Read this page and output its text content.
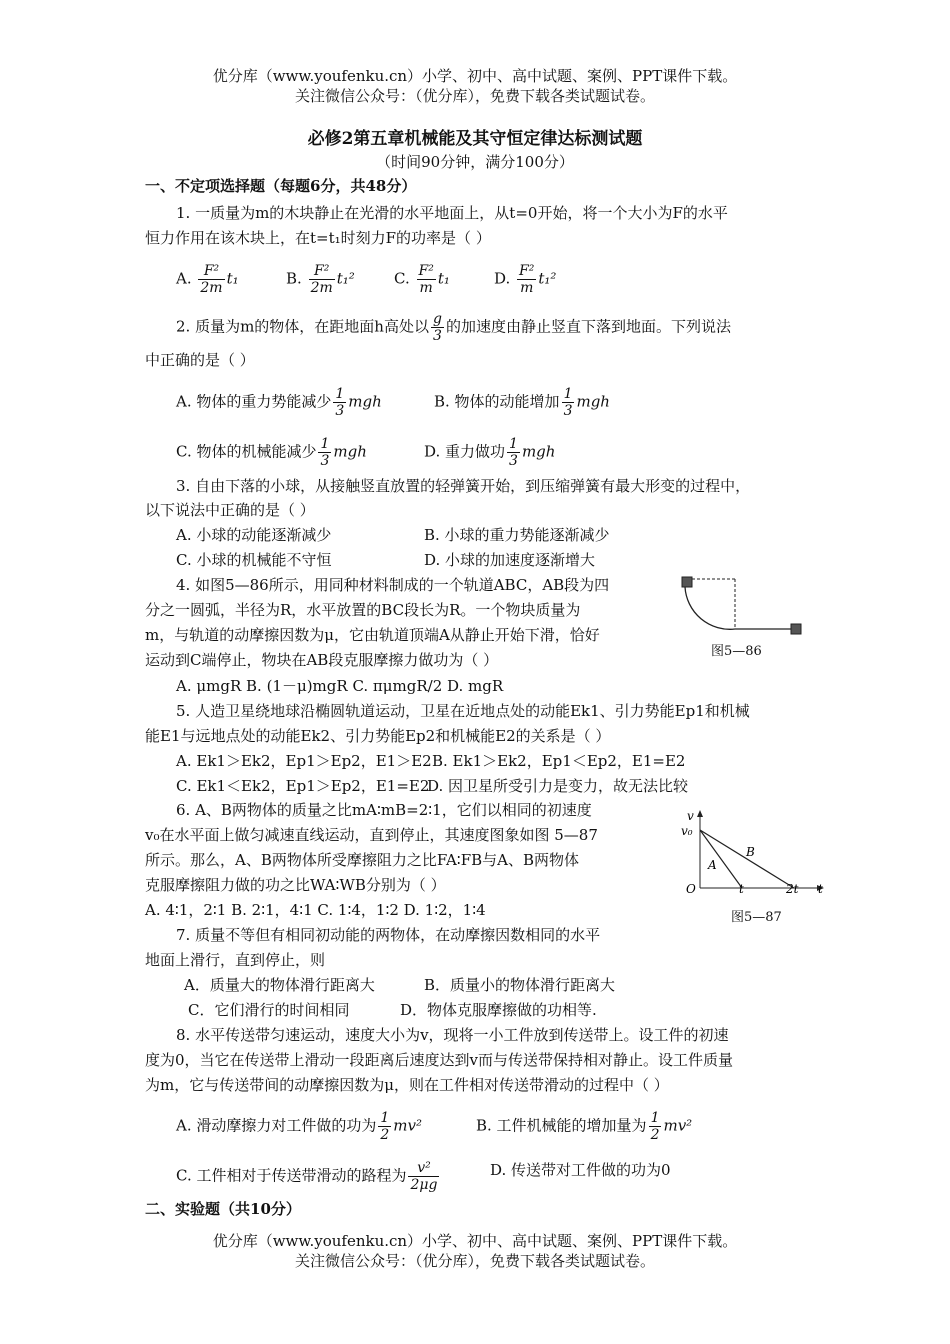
优分库（www.youfenku.cn）小学、初中、高中试题、案例、PPT课件下载。
关注微信公众号：（优分库），免费下载各类试题试卷。
必修2第五章机械能及其守恒定律达标测试题
（时间90分钟，满分100分）
一、不定项选择题（每题6分，共48分）
1. 一质量为m的木块静止在光滑的水平地面上，从t=0开始，将一个大小为F的水平
恒力作用在该木块上，在t=t₁时刻力F的功率是（ ）
A. $\frac{\text{F²}}{2m} t_1$	B. $\frac{\text{F²}}{2m} t_1^2$	C. $\frac{\text{F²}}{m} t_1$	D. $\frac{\text{F²}}{m} t_1^2$
2. 质量为m的物体，在距地面h高处以 $\frac{g}{3}$ 的加速度由静止竖直下落到地面。下列说法
中正确的是（ ）
A. 物体的重力势能减少 $\frac{1}{3}$ mgh	B. 物体的动能增加 $\frac{1}{3}$ mgh
C. 物体的机械能减少 $\frac{1}{3}$ mgh	D. 重力做功 $\frac{1}{3}$ mgh
3. 自由下落的小球，从接触竖直放置的轻弹簧开始，到压缩弹簧有最大形变的过程中，
以下说法中正确的是（ ）
A. 小球的动能逐渐减少	B. 小球的重力势能逐渐减少
C. 小球的机械能不守恒	D. 小球的加速度逐渐增大
4. 如图5—86所示，用同种材料制成的一个轨道ABC，AB段为四
分之一圆弧，半径为R，水平放置的BC段长为R。一个物块质量为
m，与轨道的动摩擦因数为μ，它由轨道顶端A从静止开始下滑，恰好
运动到C端停止，物块在AB段克服摩擦力做功为（ ）
A. μmgR B. (1－μ)mgR C. πμmgR/2 D. mgR
图5—86
5. 人造卫星绕地球沿椭圆轨道运动，卫星在近地点处的动能Ek1、引力势能Ep1和机械
能E1与远地点处的动能Ek2、引力势能Ep2和机械能E2的关系是（ ）
A. Ek1＞Ek2，Ep1＞Ep2，E1＞E2 B. Ek1＞Ek2，Ep1＜Ep2，E1=E2
C. Ek1＜Ek2，Ep1＞Ep2，E1=E2
D. 因卫星所受引力是变力，故无法比较
6. A、B两物体的质量之比mA∶mB=2∶1，它们以相同的初速度
v₀在水平面上做匀减速直线运动，直到停止，其速度图象如图 5—87
所示。那么，A、B两物体所受摩擦阻力之比FA∶FB与A、B两物体
克服摩擦阻力做的功之比WA∶WB分别为（ ）
A. 4∶1，2∶1 B. 2∶1，4∶1 C. 1∶4，1∶2 D. 1∶2，1∶4
v
v₀
A
B
O	t	2t t
图5—87
7. 质量不等但有相同初动能的两物体，在动摩擦因数相同的水平
地面上滑行，直到停止，则
A．质量大的物体滑行距离大	B．质量小的物体滑行距离大
C．它们滑行的时间相同	D．物体克服摩擦做的功相等.
8. 水平传送带匀速运动，速度大小为v，现将一小工件放到传送带上。设工件的初速
度为0，当它在传送带上滑动一段距离后速度达到v而与传送带保持相对静止。设工件质量
为m，它与传送带间的动摩擦因数为μ，则在工件相对传送带滑动的过程中（ ）
A. 滑动摩擦力对工件做的功为 $\frac{1}{2} mv^2$	B. 工件机械能的增加量为 $\frac{1}{2} mv^2$
C. 工件相对于传送带滑动的路程为 $\frac{\text{v²}}{2\mu g}$	D. 传送带对工件做的功为0
二、实验题（共10分）
优分库（www.youfenku.cn）小学、初中、高中试题、案例、PPT课件下载。
关注微信公众号：（优分库），免费下载各类试题试卷。
